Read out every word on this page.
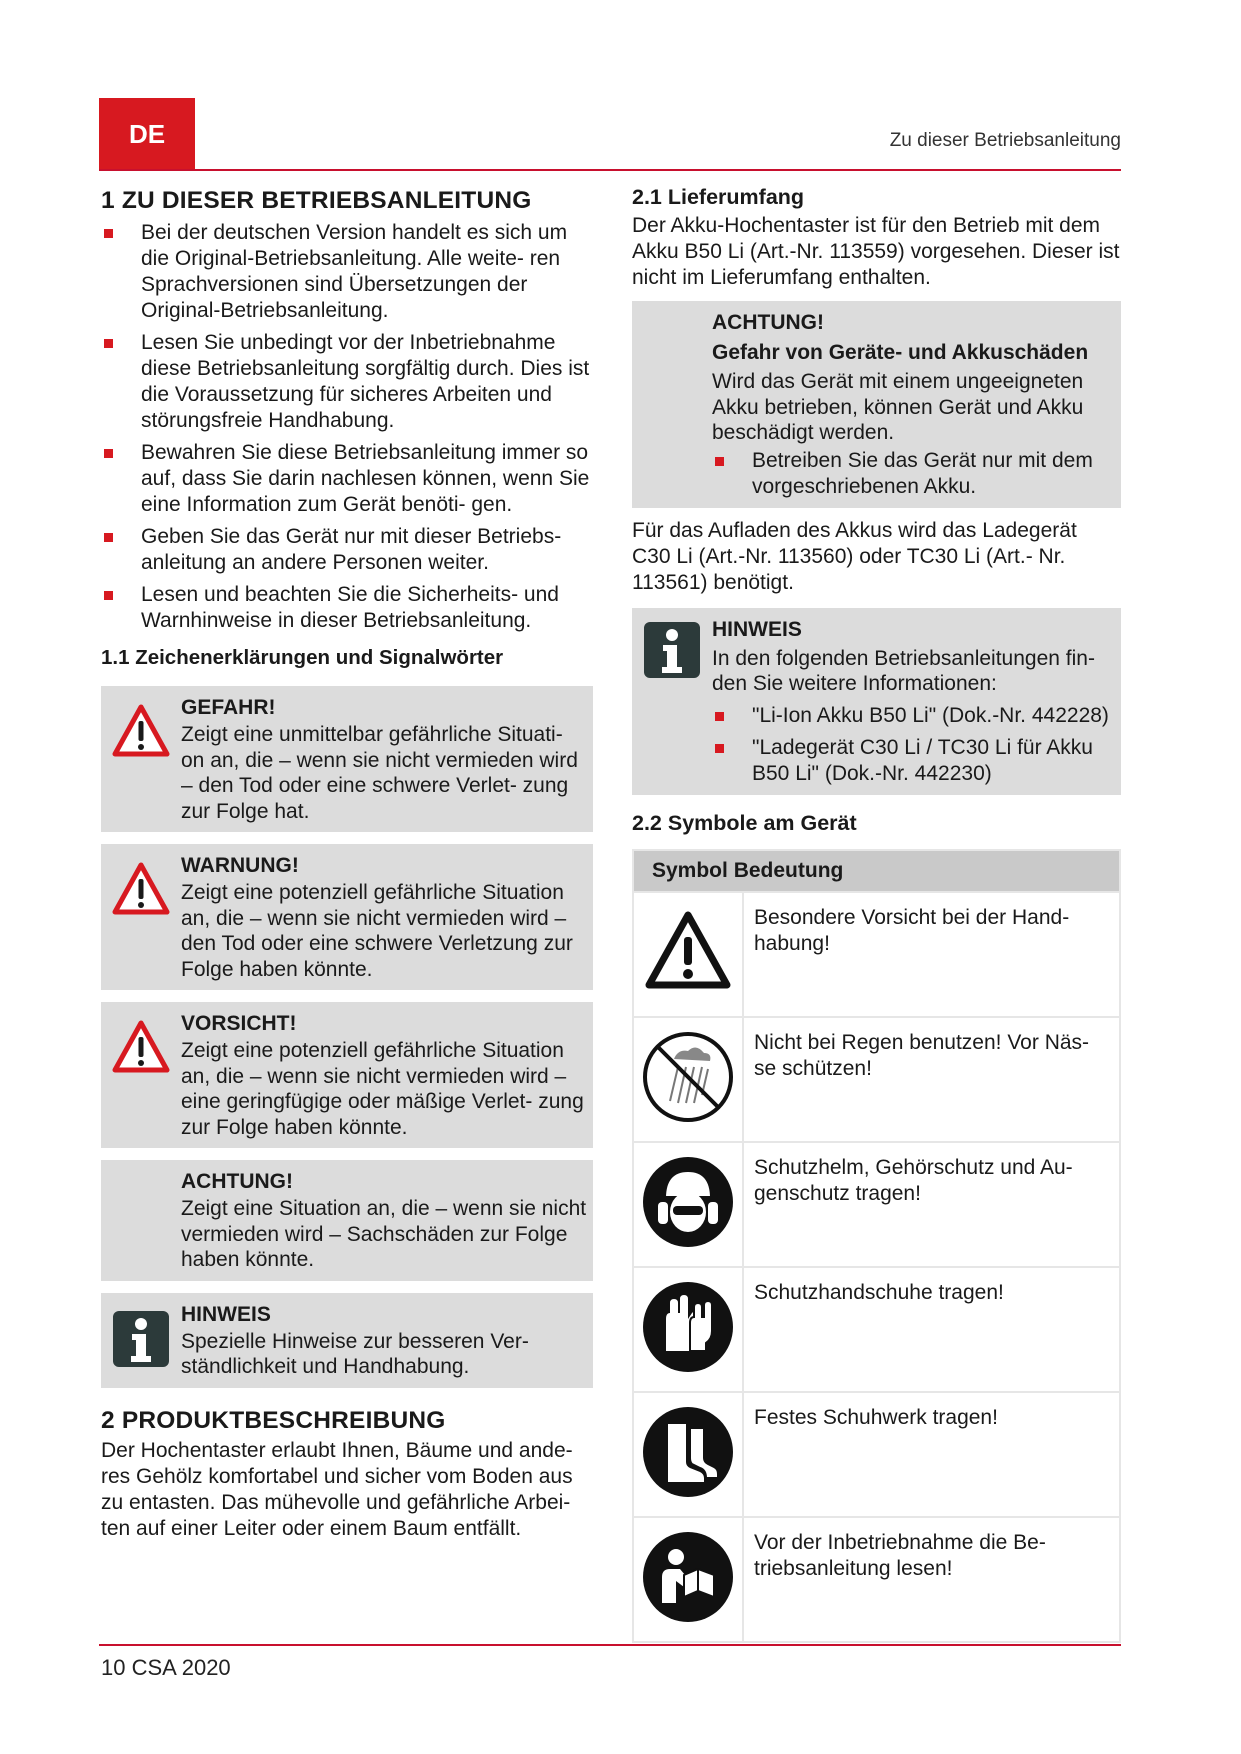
DE	Zu dieser Betriebsanleitung
1 ZU DIESER BETRIEBSANLEITUNG
Bei der deutschen Version handelt es sich um die Original-Betriebsanleitung. Alle weite- ren Sprachversionen sind Übersetzungen der Original-Betriebsanleitung.
Lesen Sie unbedingt vor der Inbetriebnahme diese Betriebsanleitung sorgfältig durch. Dies ist die Voraussetzung für sicheres Arbeiten und störungsfreie Handhabung.
Bewahren Sie diese Betriebsanleitung immer so auf, dass Sie darin nachlesen können, wenn Sie eine Information zum Gerät benöti- gen.
Geben Sie das Gerät nur mit dieser Betriebs- anleitung an andere Personen weiter.
Lesen und beachten Sie die Sicherheits- und Warnhinweise in dieser Betriebsanleitung.
1.1 Zeichenerklärungen und Signalwörter
GEFAHR!

Zeigt eine unmittelbar gefährliche Situati- on an, die – wenn sie nicht vermieden wird – den Tod oder eine schwere Verlet- zung zur Folge hat.

WARNUNG!

Zeigt eine potenziell gefährliche Situation an, die – wenn sie nicht vermieden wird – den Tod oder eine schwere Verletzung zur Folge haben könnte.

VORSICHT!

Zeigt eine potenziell gefährliche Situation an, die – wenn sie nicht vermieden wird – eine geringfügige oder mäßige Verlet- zung zur Folge haben könnte.

ACHTUNG!

Zeigt eine Situation an, die – wenn sie nicht vermieden wird – Sachschäden zur Folge haben könnte.

HINWEIS

Spezielle Hinweise zur besseren Ver- ständlichkeit und Handhabung.

2 PRODUKTBESCHREIBUNG

Der Hochentaster erlaubt Ihnen, Bäume und ande- res Gehölz komfortabel und sicher vom Boden aus zu entasten. Das mühevolle und gefährliche Arbei- ten auf einer Leiter oder einem Baum entfällt.

2.1 Lieferumfang

Der Akku-Hochentaster ist für den Betrieb mit dem Akku B50 Li (Art.-Nr. 113559) vorgesehen. Dieser ist nicht im Lieferumfang enthalten.

ACHTUNG!
Gefahr von Geräte- und Akkuschäden

Wird das Gerät mit einem ungeeigneten Akku betrieben, können Gerät und Akku beschädigt werden.

Betreiben Sie das Gerät nur mit dem vorgeschriebenen Akku.

Für das Aufladen des Akkus wird das Ladegerät C30 Li (Art.-Nr. 113560) oder TC30 Li (Art.- Nr. 113561) benötigt.

HINWEIS

In den folgenden Betriebsanleitungen fin- den Sie weitere Informationen:

"Li-Ion Akku B50 Li" (Dok.-Nr. 442228)
"Ladegerät C30 Li / TC30 Li für Akku B50 Li" (Dok.-Nr. 442230)
2.2 Symbole am Gerät
Symbol Bedeutung	
	Besondere Vorsicht bei der Hand- habung!
	Nicht bei Regen benutzen! Vor Näs- se schützen!
	Schutzhelm, Gehörschutz und Au- genschutz tragen!
	Schutzhandschuhe tragen!
	Festes Schuhwerk tragen!
	Vor der Inbetriebnahme die Be- triebsanleitung lesen!
10 CSA 2020
